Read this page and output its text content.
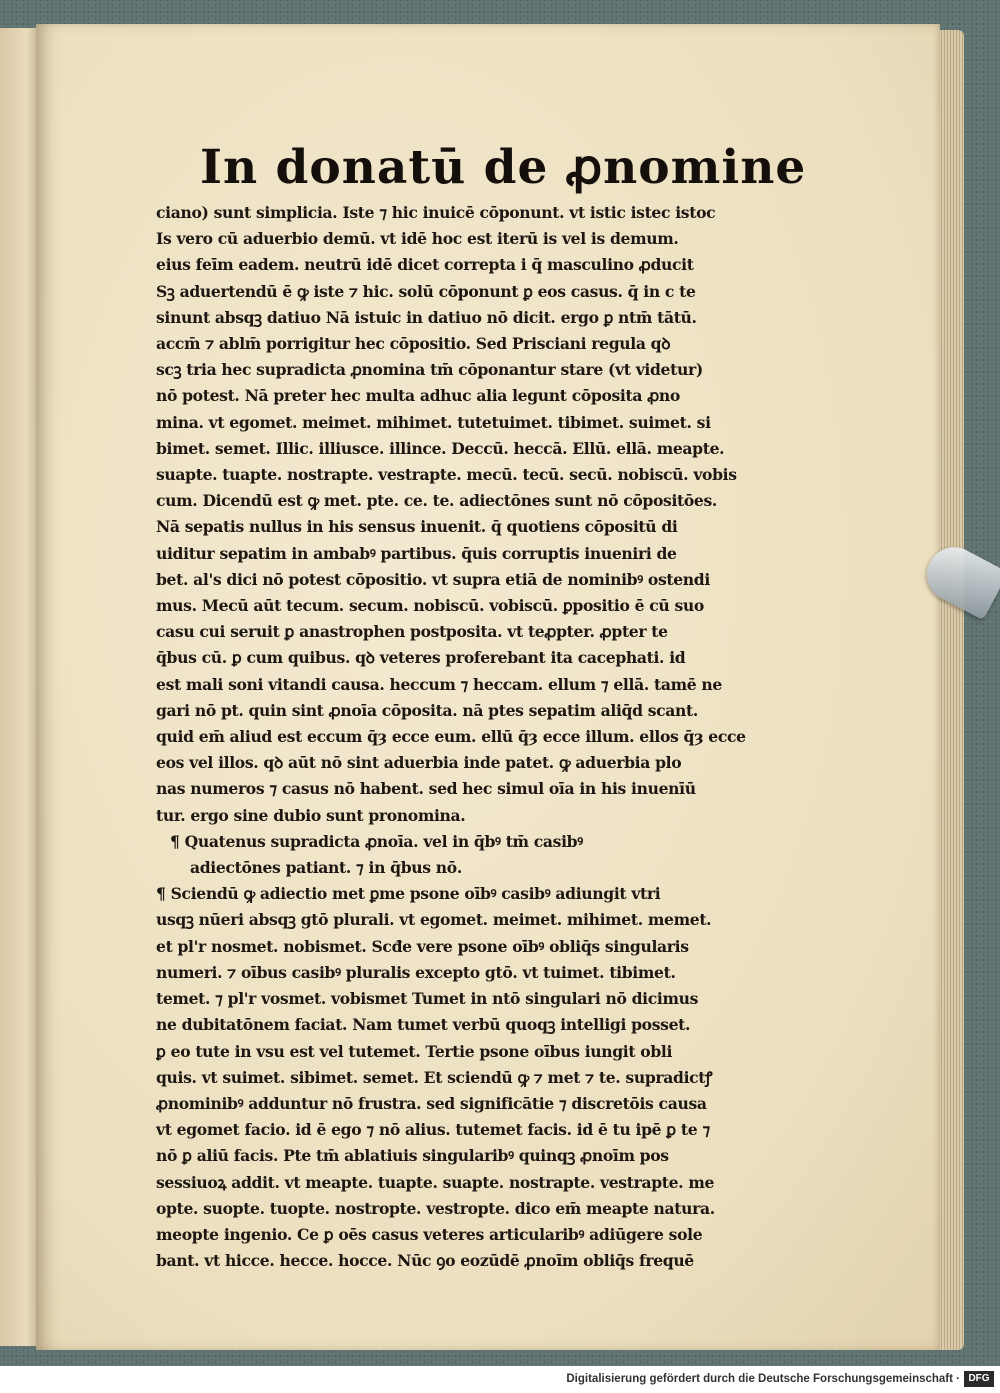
In donatū de ꝓnomine
ciano) sunt simplicia. Iste ⁊ hic inuicē cōponunt. vt istic istec istoc
Is vero cū aduerbio demū. vt idē hoc est iterū is vel is demum.
eius feīm eadem. neutrū idē dicet correpta i q̄ masculino ꝓducit
Sꝫ aduertendū ē ꝙ iste ⁊ hic. solū cōponunt ꝑ eos casus. q̄ in c te
sinunt absqꝫ datiuo Nā istuic in datiuo nō dicit. ergo ꝑ ntm̄ tātū.
accm̄ ⁊ ablm̄ porrigitur hec cōpositio. Sed Prisciani regula qꝺ
scꝫ tria hec supradicta ꝓnomina tm̄ cōponantur stare (vt videtur)
nō potest. Nā preter hec multa adhuc alia legunt cōposita ꝓno
mina. vt egomet. meimet. mihimet. tutetuimet. tibimet. suimet. si
bimet. semet. Illic. illiusce. illince. Deccū. heccā. Ellū. ellā. meapte.
suapte. tuapte. nostrapte. vestrapte. mecū. tecū. secū. nobiscū. vobis
cum. Dicendū est ꝙ met. pte. ce. te. adiectōnes sunt nō cōpositōes.
Nā sepatis nullus in his sensus inuenit. q̄ quotiens cōpositū di
uiditur sepatim in ambabꝰ partibus. q̄uis corruptis inueniri de
bet. al's dici nō potest cōpositio. vt supra etiā de nominibꝰ ostendi
mus. Mecū aūt tecum. secum. nobiscū. vobiscū. ꝑpositio ē cū suo
casu cui seruit ꝑ anastrophen postposita. vt teꝓpter. ꝓpter te
q̄bus cū. ꝑ cum quibus. qꝺ veteres proferebant ita cacephati. id
est mali soni vitandi causa. heccum ⁊ heccam. ellum ⁊ ellā. tamē ne
gari nō pt. quin sint ꝓnoīa cōposita. nā ptes sepatim aliq̄d scant.
quid em̄ aliud est eccum q̄ȝ ecce eum. ellū q̄ȝ ecce illum. ellos q̄ȝ ecce
eos vel illos. qꝺ aūt nō sint aduerbia inde patet. ꝙ aduerbia plo
nas numeros ⁊ casus nō habent. sed hec simul oīa in his inuenīū
tur. ergo sine dubio sunt pronomina.
¶ Quatenus supradicta ꝓnoīa. vel in q̄bꝰ tm̄ casibꝰ
adiectōnes patiant. ⁊ in q̄bus nō.
¶ Sciendū ꝙ adiectio met ꝑme psone oībꝰ casibꝰ adiungit vtri
usqꝫ nūeri absqꝫ gtō plurali. vt egomet. meimet. mihimet. memet.
et pl'r nosmet. nobismet. Scđe vere psone oībꝰ obliq̄s singularis
numeri. ⁊ oībus casibꝰ pluralis excepto gtō. vt tuimet. tibimet.
temet. ⁊ pl'r vosmet. vobismet Tumet in ntō singulari nō dicimus
ne dubitatōnem faciat. Nam tumet verbū quoqꝫ intelligi posset.
ꝑ eo tute in vsu est vel tutemet. Tertie psone oībus iungit obli
quis. vt suimet. sibimet. semet. Et sciendū ꝙ ⁊ met ⁊ te. supradictꝭ
ꝓnominibꝰ adduntur nō frustra. sed significātie ⁊ discretōis causa
vt egomet facio. id ē ego ⁊ nō alius. tutemet facis. id ē tu ipē ꝑ te ⁊
nō ꝑ aliū facis. Pte tm̄ ablatiuis singularibꝰ quinqꝫ ꝓnoīm pos
sessiuoꝝ addit. vt meapte. tuapte. suapte. nostrapte. vestrapte. me
opte. suopte. tuopte. nostropte. vestropte. dico em̄ meapte natura.
meopte ingenio. Ce ꝑ oēs casus veteres articularibꝰ adiūgere sole
bant. vt hicce. hecce. hocce. Nūc ꝯo eozūdē ꝓnoīm obliq̄s frequē
Digitalisierung gefördert durch die Deutsche Forschungsgemeinschaft · DFG
